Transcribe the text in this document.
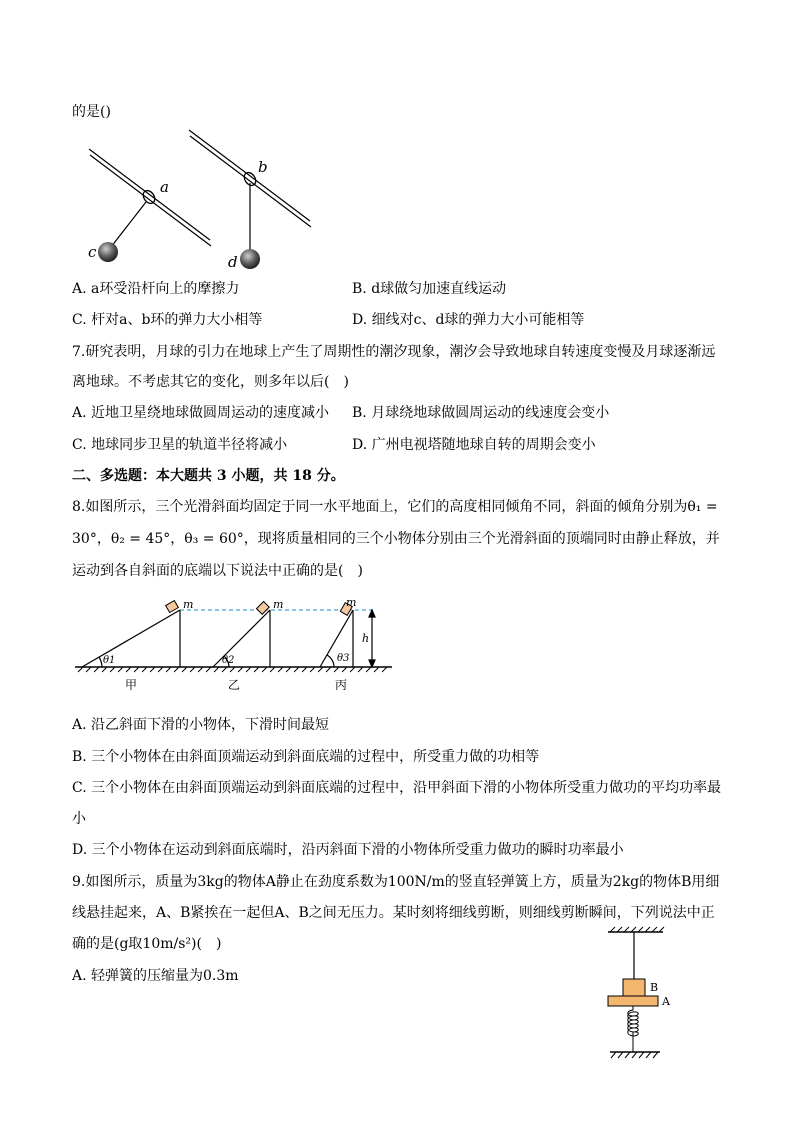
的是()
a
b
c
d
A. a环受沿杆向上的摩擦力	B. d球做匀加速直线运动
C. 杆对a、b环的弹力大小相等	D. 细线对c、d球的弹力大小可能相等
7.研究表明，月球的引力在地球上产生了周期性的潮汐现象，潮汐会导致地球自转速度变慢及月球逐渐远
离地球。不考虑其它的变化，则多年以后(　)
A. 近地卫星绕地球做圆周运动的速度减小 B. 月球绕地球做圆周运动的线速度会变小
C. 地球同步卫星的轨道半径将减小	D. 广州电视塔随地球自转的周期会变小
二、多选题：本大题共 3 小题，共 18 分。
8.如图所示，三个光滑斜面均固定于同一水平地面上，它们的高度相同倾角不同，斜面的倾角分别为θ₁ =
30°，θ₂ = 45°，θ₃ = 60°，现将质量相同的三个小物体分别由三个光滑斜面的顶端同时由静止释放，并
运动到各自斜面的底端以下说法中正确的是(　)
m	m	m
h
θ1	θ2	θ3
甲	乙	丙
A. 沿乙斜面下滑的小物体，下滑时间最短
B. 三个小物体在由斜面顶端运动到斜面底端的过程中，所受重力做的功相等
C. 三个小物体在由斜面顶端运动到斜面底端的过程中，沿甲斜面下滑的小物体所受重力做功的平均功率最
小
D. 三个小物体在运动到斜面底端时，沿丙斜面下滑的小物体所受重力做功的瞬时功率最小
9.如图所示，质量为3kg的物体A静止在劲度系数为100N/m的竖直轻弹簧上方，质量为2kg的物体B用细
线悬挂起来，A、B紧挨在一起但A、B之间无压力。某时刻将细线剪断，则细线剪断瞬间，下列说法中正
确的是(g取10m/s²)(　)
A. 轻弹簧的压缩量为0.3m
B
A
